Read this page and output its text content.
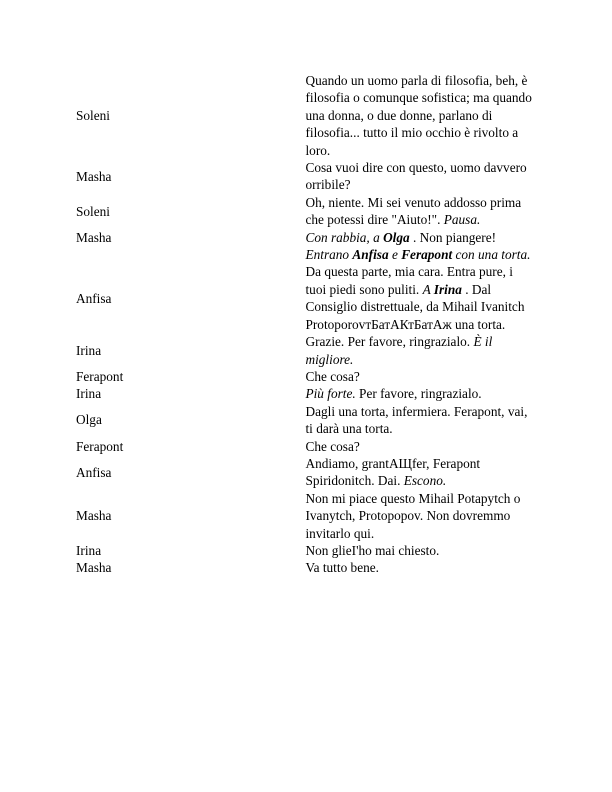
Soleni	Quando un uomo parla di filosofia, beh, è filosofia o comunque sofistica; ma quando una donna, o due donne, parlano di filosofia... tutto il mio occhio è rivolto a loro.
Masha	Cosa vuoi dire con questo, uomo davvero orribile?
Soleni	Oh, niente. Mi sei venuto addosso prima che potessi dire "Aiuto!". Pausa.
Masha	Con rabbia, a Olga . Non piangere!
	Entrano Anfisa e Ferapont con una torta.
Anfisa	Da questa parte, mia cara. Entra pure, i tuoi piedi sono puliti. A Irina . Dal Consiglio distrettuale, da Mihail Ivanitch ProtoporovтБатАКтБатАж una torta.
Irina	Grazie. Per favore, ringrazialo. È il migliore.
Ferapont	Che cosa?
Irina	Più forte. Per favore, ringrazialo.
Olga	Dagli una torta, infermiera. Ferapont, vai, ti darà una torta.
Ferapont	Che cosa?
Anfisa	Andiamo, grantАЩfer, Ferapont Spiridonitch. Dai. Escono.
Masha	Non mi piace questo Mihail Potapytch o Ivanytch, Protopopov. Non dovremmo invitarlo qui.
Irina	Non glieI'ho mai chiesto.
Masha	Va tutto bene.
